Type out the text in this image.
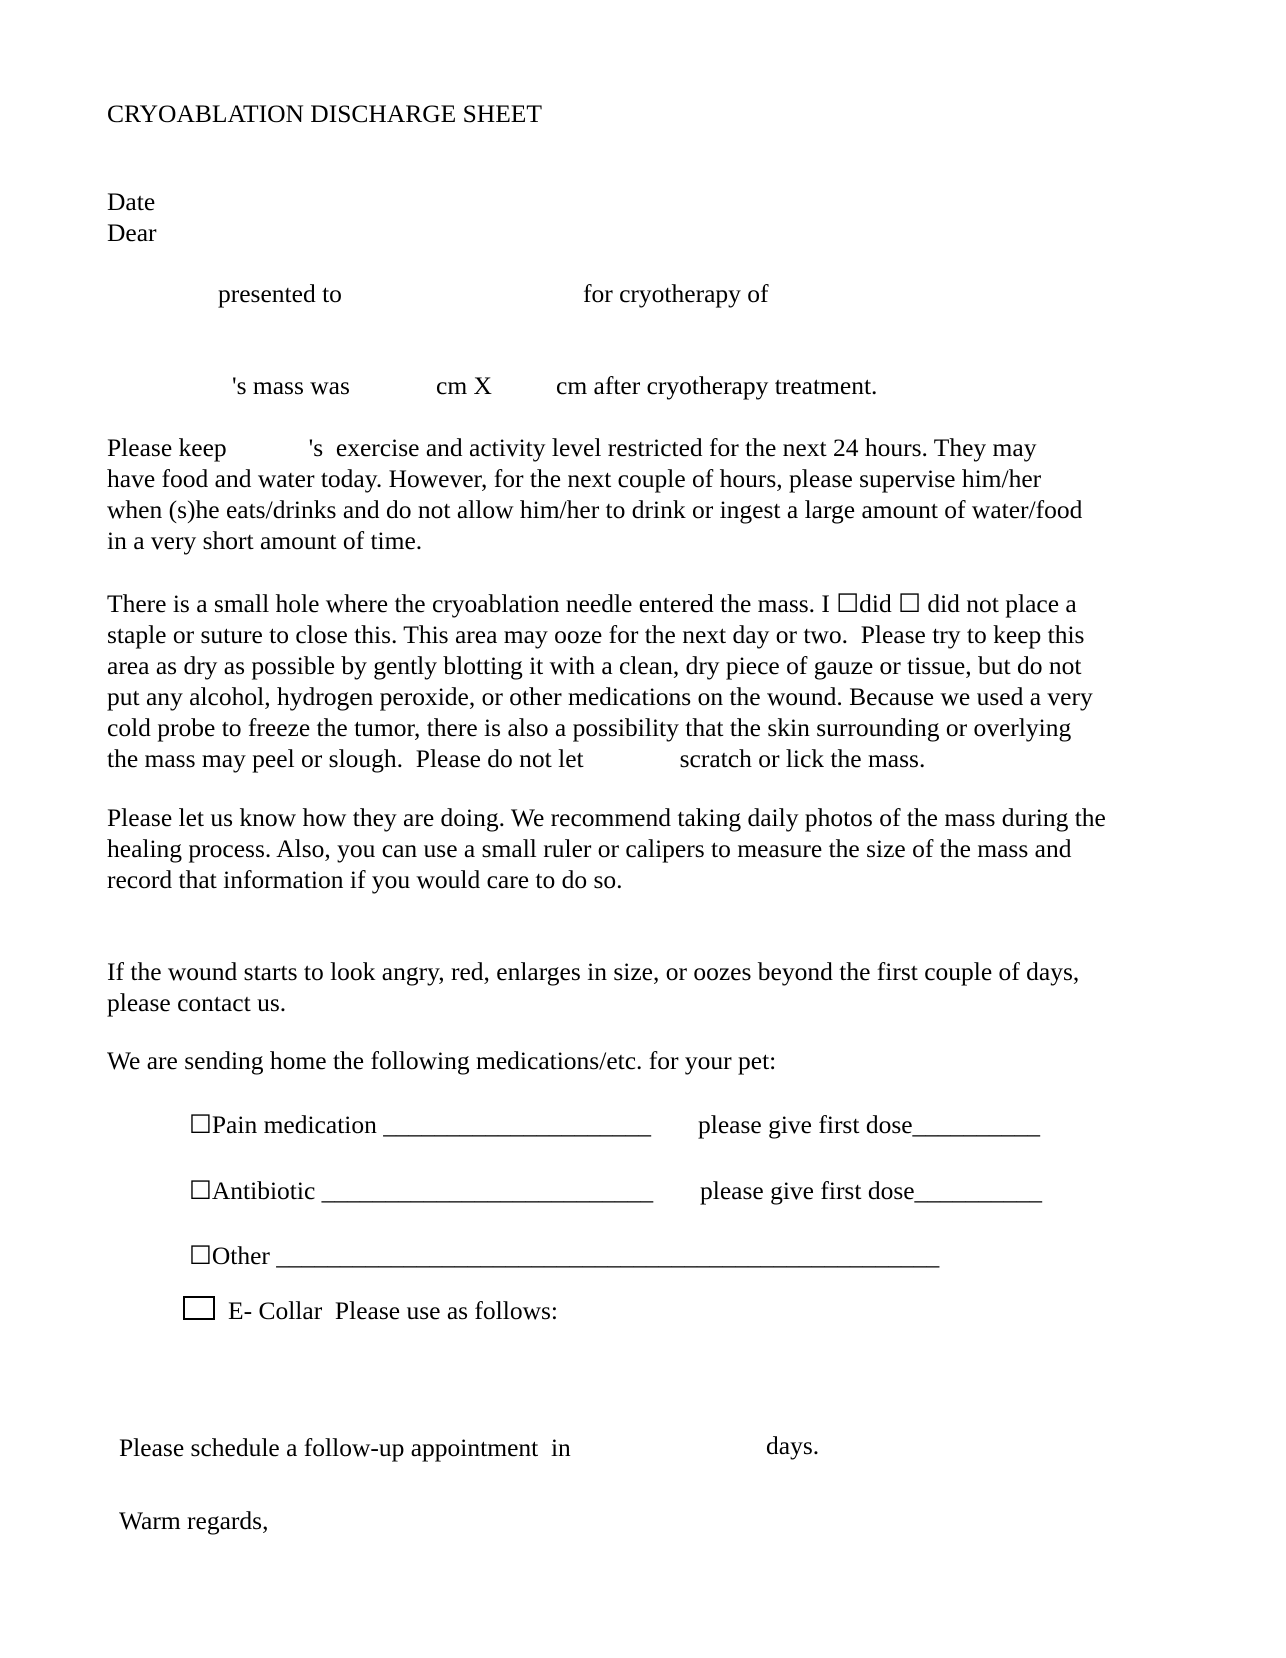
CRYOABLATION DISCHARGE SHEET
Date
Dear
presented to	for cryotherapy of
's mass was	cm X	cm after cryotherapy treatment.
Please keep	's  exercise and activity level restricted for the next 24 hours. They may
have food and water today. However, for the next couple of hours, please supervise him/her
when (s)he eats/drinks and do not allow him/her to drink or ingest a large amount of water/food
in a very short amount of time.
There is a small hole where the cryoablation needle entered the mass. I ☐did ☐ did not place a
staple or suture to close this. This area may ooze for the next day or two.  Please try to keep this
area as dry as possible by gently blotting it with a clean, dry piece of gauze or tissue, but do not
put any alcohol, hydrogen peroxide, or other medications on the wound. Because we used a very
cold probe to freeze the tumor, there is also a possibility that the skin surrounding or overlying
the mass may peel or slough.  Please do not let	scratch or lick the mass.
Please let us know how they are doing. We recommend taking daily photos of the mass during the
healing process. Also, you can use a small ruler or calipers to measure the size of the mass and
record that information if you would care to do so.
If the wound starts to look angry, red, enlarges in size, or oozes beyond the first couple of days,
please contact us.
We are sending home the following medications/etc. for your pet:
☐Pain medication _____________________ please give first dose__________
☐Antibiotic __________________________ please give first dose__________
☐Other ____________________________________________________
E- Collar  Please use as follows:
Please schedule a follow-up appointment  in	days.
Warm regards,
